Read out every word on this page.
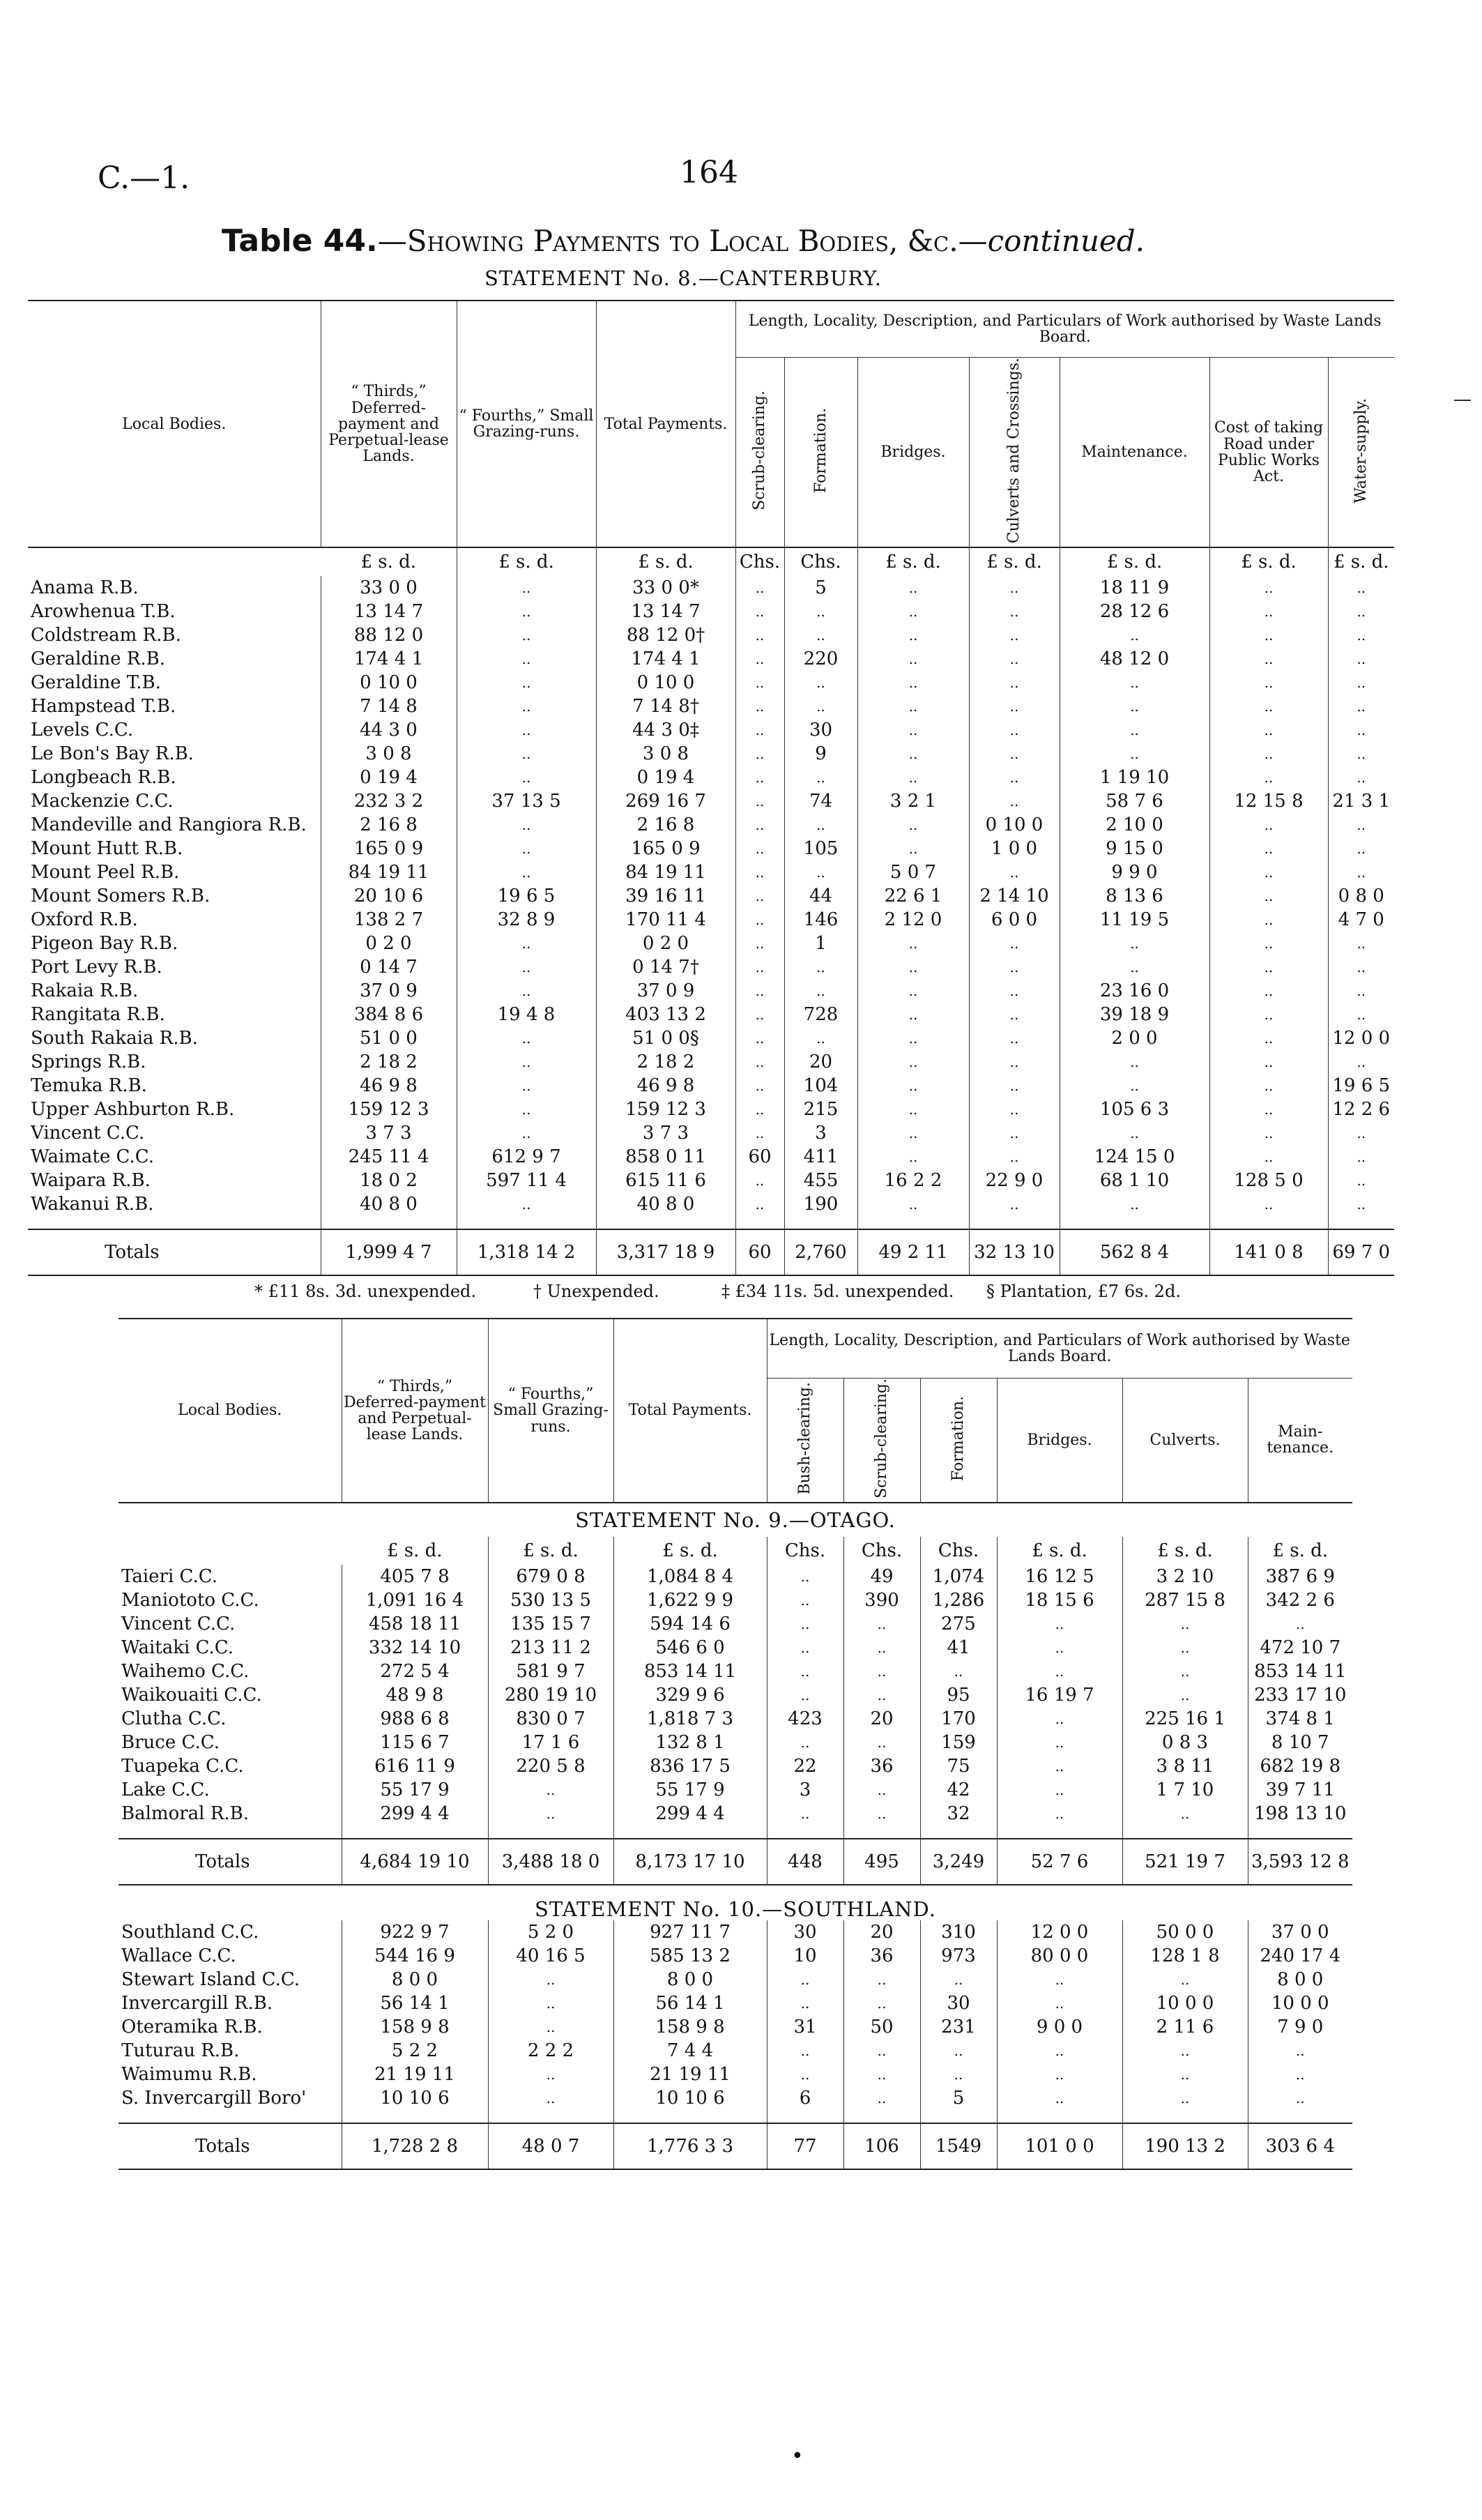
C.—1.	164
Table 44.—Showing Payments to Local Bodies, &c.—continued.
STATEMENT No. 8.—CANTERBURY.
Local Bodies.	“ Thirds,” Deferred-payment and Perpetual-lease Lands.	“ Fourths,” Small Grazing-runs.	Total Payments.	Length, Locality, Description, and Particulars of Work authorised by Waste Lands Board.						
				Scrub-clearing.	Formation.	Bridges.	Culverts and Crossings.	Maintenance.	Cost of taking Road under Public Works Act.	Water-supply.
	£ s. d.	£ s. d.	£ s. d.	Chs.	Chs.	£ s. d.	£ s. d.	£ s. d.	£ s. d.	£ s. d.
Anama R.B.	33 0 0	..	33 0 0*	..	5	..	..	18 11 9	..	..
Arowhenua T.B.	13 14 7	..	13 14 7	..	..	..	..	28 12 6	..	..
Coldstream R.B.	88 12 0	..	88 12 0†	..	..	..	..	..	..	..
Geraldine R.B.	174 4 1	..	174 4 1	..	220	..	..	48 12 0	..	..
Geraldine T.B.	0 10 0	..	0 10 0	..	..	..	..	..	..	..
Hampstead T.B.	7 14 8	..	7 14 8†	..	..	..	..	..	..	..
Levels C.C.	44 3 0	..	44 3 0‡	..	30	..	..	..	..	..
Le Bon's Bay R.B.	3 0 8	..	3 0 8	..	9	..	..	..	..	..
Longbeach R.B.	0 19 4	..	0 19 4	..	..	..	..	1 19 10	..	..
Mackenzie C.C.	232 3 2	37 13 5	269 16 7	..	74	3 2 1	..	58 7 6	12 15 8	21 3 1
Mandeville and Rangiora R.B.	2 16 8	..	2 16 8	..	..	..	0 10 0	2 10 0	..	..
Mount Hutt R.B.	165 0 9	..	165 0 9	..	105	..	1 0 0	9 15 0	..	..
Mount Peel R.B.	84 19 11	..	84 19 11	..	..	5 0 7	..	9 9 0	..	..
Mount Somers R.B.	20 10 6	19 6 5	39 16 11	..	44	22 6 1	2 14 10	8 13 6	..	0 8 0
Oxford R.B.	138 2 7	32 8 9	170 11 4	..	146	2 12 0	6 0 0	11 19 5	..	4 7 0
Pigeon Bay R.B.	0 2 0	..	0 2 0	..	1	..	..	..	..	..
Port Levy R.B.	0 14 7	..	0 14 7†	..	..	..	..	..	..	..
Rakaia R.B.	37 0 9	..	37 0 9	..	..	..	..	23 16 0	..	..
Rangitata R.B.	384 8 6	19 4 8	403 13 2	..	728	..	..	39 18 9	..	..
South Rakaia R.B.	51 0 0	..	51 0 0§	..	..	..	..	2 0 0	..	12 0 0
Springs R.B.	2 18 2	..	2 18 2	..	20	..	..	..	..	..
Temuka R.B.	46 9 8	..	46 9 8	..	104	..	..	..	..	19 6 5
Upper Ashburton R.B.	159 12 3	..	159 12 3	..	215	..	..	105 6 3	..	12 2 6
Vincent C.C.	3 7 3	..	3 7 3	..	3	..	..	..	..	..
Waimate C.C.	245 11 4	612 9 7	858 0 11	60	411	..	..	124 15 0	..	..
Waipara R.B.	18 0 2	597 11 4	615 11 6	..	455	16 2 2	22 9 0	68 1 10	128 5 0	..
Wakanui R.B.	40 8 0	..	40 8 0	..	190	..	..	..	..	..

Totals	1,999 4 7	1,318 14 2	3,317 18 9	60	2,760	49 2 11	32 13 10	562 8 4	141 0 8	69 7 0
* £11 8s. 3d. unexpended.	† Unexpended.	‡ £34 11s. 5d. unexpended. § Plantation, £7 6s. 2d.
Local Bodies.	“ Thirds,” Deferred-payment and Perpetual-lease Lands.	“ Fourths,” Small Grazing-runs.	Total Payments.	Length, Locality, Description, and Particulars of Work authorised by Waste Lands Board.					
				Bush-clearing.	Scrub-clearing.	Formation.	Bridges.	Culverts.	Main-tenance.
STATEMENT No. 9.—OTAGO.									
	£ s. d.	£ s. d.	£ s. d.	Chs.	Chs.	Chs.	£ s. d.	£ s. d.	£ s. d.
Taieri C.C.	405 7 8	679 0 8	1,084 8 4	..	49	1,074	16 12 5	3 2 10	387 6 9
Maniototo C.C.	1,091 16 4	530 13 5	1,622 9 9	..	390	1,286	18 15 6	287 15 8	342 2 6
Vincent C.C.	458 18 11	135 15 7	594 14 6	..	..	275	..	..	..
Waitaki C.C.	332 14 10	213 11 2	546 6 0	..	..	41	..	..	472 10 7
Waihemo C.C.	272 5 4	581 9 7	853 14 11	..	..	..	..	..	853 14 11
Waikouaiti C.C.	48 9 8	280 19 10	329 9 6	..	..	95	16 19 7	..	233 17 10
Clutha C.C.	988 6 8	830 0 7	1,818 7 3	423	20	170	..	225 16 1	374 8 1
Bruce C.C.	115 6 7	17 1 6	132 8 1	..	..	159	..	0 8 3	8 10 7
Tuapeka C.C.	616 11 9	220 5 8	836 17 5	22	36	75	..	3 8 11	682 19 8
Lake C.C.	55 17 9	..	55 17 9	3	..	42	..	1 7 10	39 7 11
Balmoral R.B.	299 4 4	..	299 4 4	..	..	32	..	..	198 13 10

Totals	4,684 19 10	3,488 18 0	8,173 17 10	448	495	3,249	52 7 6	521 19 7	3,593 12 8
STATEMENT No. 10.—SOUTHLAND.									
Southland C.C.	922 9 7	5 2 0	927 11 7	30	20	310	12 0 0	50 0 0	37 0 0
Wallace C.C.	544 16 9	40 16 5	585 13 2	10	36	973	80 0 0	128 1 8	240 17 4
Stewart Island C.C.	8 0 0	..	8 0 0	..	..	..	..	..	8 0 0
Invercargill R.B.	56 14 1	..	56 14 1	..	..	30	..	10 0 0	10 0 0
Oteramika R.B.	158 9 8	..	158 9 8	31	50	231	9 0 0	2 11 6	7 9 0
Tuturau R.B.	5 2 2	2 2 2	7 4 4	..	..	..	..	..	..
Waimumu R.B.	21 19 11	..	21 19 11	..	..	..	..	..	..
S. Invercargill Boro'	10 10 6	..	10 10 6	6	..	5	..	..	..

Totals	1,728 2 8	48 0 7	1,776 3 3	77	106	1549	101 0 0	190 13 2	303 6 4
•
—
